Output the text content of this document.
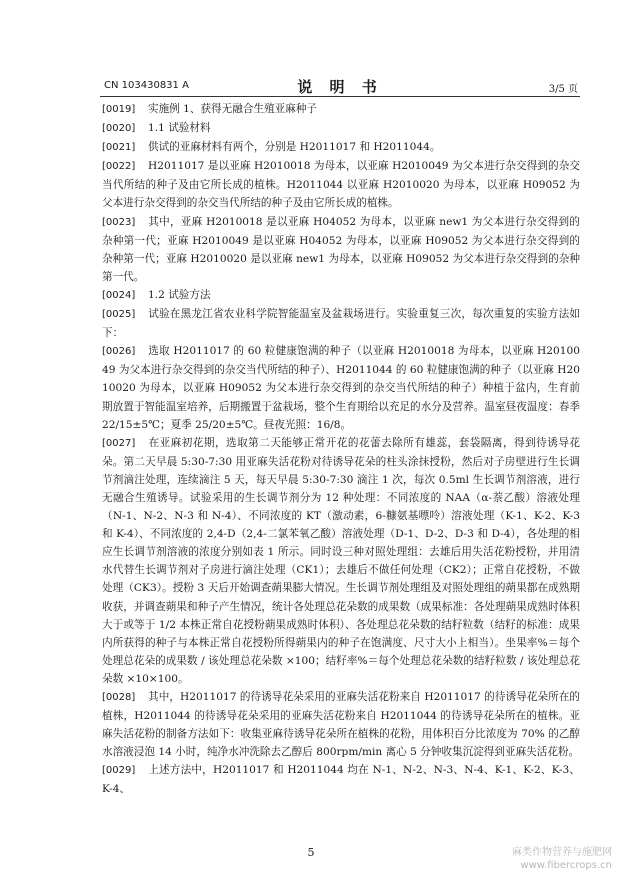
CN 103430831 A	说 明 书	3/5 页

[0019] 实施例 1、获得无融合生殖亚麻种子

[0020] 1.1 试验材料

[0021] 供试的亚麻材料有两个，分别是 H2011017 和 H2011044。

[0022] H2011017 是以亚麻 H2010018 为母本，以亚麻 H2010049 为父本进行杂交得到的杂交当代所结的种子及由它所长成的植株。H2011044 以亚麻 H2010020 为母本，以亚麻 H09052 为父本进行杂交得到的杂交当代所结的种子及由它所长成的植株。

[0023] 其中，亚麻 H2010018 是以亚麻 H04052 为母本，以亚麻 new1 为父本进行杂交得到的杂种第一代；亚麻 H2010049 是以亚麻 H04052 为母本，以亚麻 H09052 为父本进行杂交得到的杂种第一代；亚麻 H2010020 是以亚麻 new1 为母本，以亚麻 H09052 为父本进行杂交得到的杂种第一代。

[0024] 1.2 试验方法

[0025] 试验在黑龙江省农业科学院智能温室及盆栽场进行。实验重复三次，每次重复的实验方法如下：

[0026] 选取 H2011017 的 60 粒健康饱满的种子（以亚麻 H2010018 为母本，以亚麻 H2010049 为父本进行杂交得到的杂交当代所结的种子）、H2011044 的 60 粒健康饱满的种子（以亚麻 H2010020 为母本，以亚麻 H09052 为父本进行杂交得到的杂交当代所结的种子）种植于盆内，生育前期放置于智能温室培养，后期搬置于盆栽场，整个生育期给以充足的水分及营养。温室昼夜温度：春季 22/15±5℃；夏季 25/20±5℃。昼夜光照：16/8。

[0027] 在亚麻初花期，选取第二天能够正常开花的花蕾去除所有雄蕊，套袋隔离，得到待诱导花朵。第二天早晨 5:30-7:30 用亚麻失活花粉对待诱导花朵的柱头涂抹授粉，然后对子房壁进行生长调节剂滴注处理，连续滴注 5 天，每天早晨 5:30-7:30 滴注 1 次，每次 0.5ml 生长调节剂溶液，进行无融合生殖诱导。试验采用的生长调节剂分为 12 种处理：不同浓度的 NAA（α-萘乙酸）溶液处理（N-1、N-2、N-3 和 N-4）、不同浓度的 KT（激动素，6-糠氨基嘌呤）溶液处理（K-1、K-2、K-3 和 K-4）、不同浓度的 2,4-D（2,4-二氯苯氧乙酸）溶液处理（D-1、D-2、D-3 和 D-4），各处理的相应生长调节剂溶液的浓度分别如表 1 所示。同时设三种对照处理组：去雄后用失活花粉授粉，并用清水代替生长调节剂对子房进行滴注处理（CK1）；去雄后不做任何处理（CK2）；正常自花授粉，不做处理（CK3）。授粉 3 天后开始调查蒴果膨大情况。生长调节剂处理组及对照处理组的蒴果都在成熟期收获，并调查蒴果和种子产生情况，统计各处理总花朵数的成果数（成果标准：各处理蒴果成熟时体积大于或等于 1/2 本株正常自花授粉蒴果成熟时体积）、各处理总花朵数的结籽粒数（结籽的标准：成果内所获得的种子与本株正常自花授粉所得蒴果内的种子在饱满度、尺寸大小上相当）。坐果率%＝每个处理总花朵的成果数 / 该处理总花朵数 ×100；结籽率%＝每个处理总花朵数的结籽粒数 / 该处理总花朵数 ×10×100。

[0028] 其中，H2011017 的待诱导花朵采用的亚麻失活花粉来自 H2011017 的待诱导花朵所在的植株，H2011044 的待诱导花朵采用的亚麻失活花粉来自 H2011044 的待诱导花朵所在的植株。亚麻失活花粉的制备方法如下：收集亚麻待诱导花朵所在植株的花粉，用体积百分比浓度为 70% 的乙醇水溶液浸泡 14 小时，纯净水冲洗除去乙醇后 800rpm/min 离心 5 分钟收集沉淀得到亚麻失活花粉。

[0029] 上述方法中，H2011017 和 H2011044 均在 N-1、N-2、N-3、N-4、K-1、K-2、K-3、K-4、

5	麻类作物营养与施肥网
www.fibercrops.cn
